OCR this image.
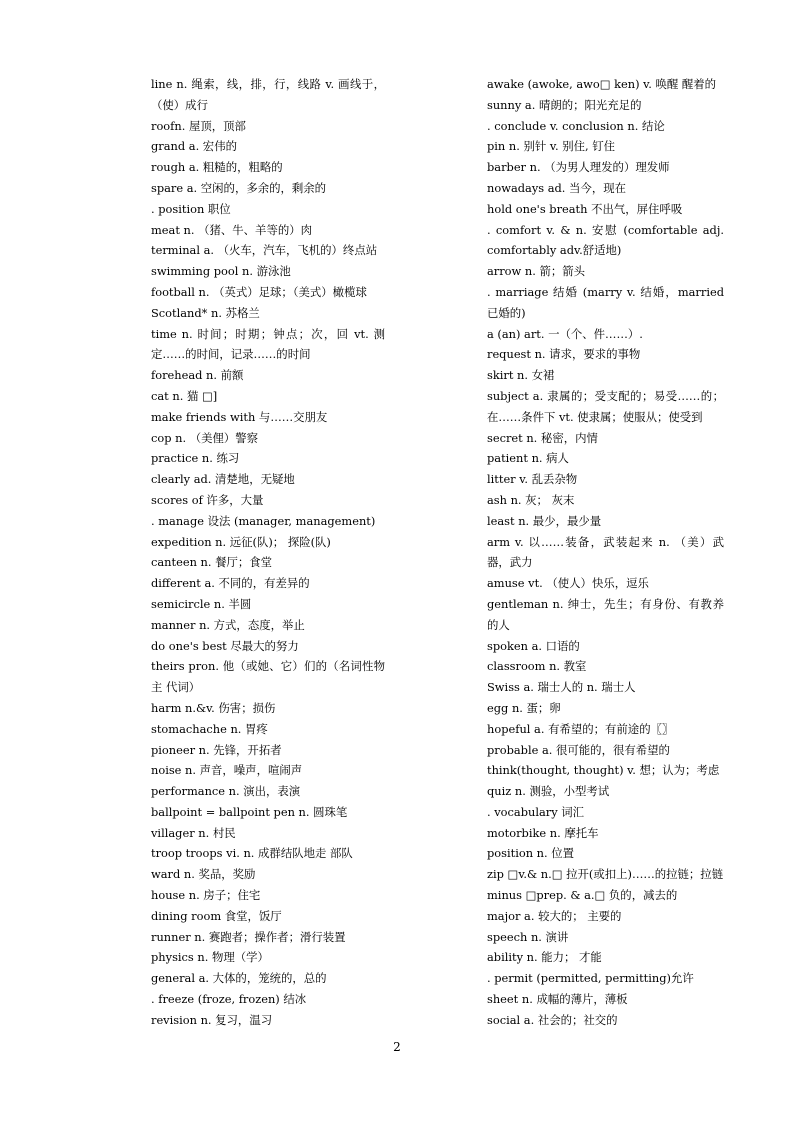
line n. 绳索，线，排，行，线路 v. 画线于，（使）成行

roofn. 屋顶，顶部

grand a. 宏伟的

rough a. 粗糙的，粗略的

spare a. 空闲的，多余的，剩余的

. position 职位

meat n. （猪、牛、羊等的）肉

terminal a. （火车，汽车，飞机的）终点站

swimming pool n. 游泳池

football n. （英式）足球；（美式）橄榄球

Scotland* n. 苏格兰

time n. 时间；时期；钟点；次，回 vt. 测定……的时间，记录……的时间

forehead n. 前额

cat n. 猫 □]

make friends with 与……交朋友

cop n. （美俚）警察

practice n. 练习

clearly ad. 清楚地，无疑地

scores of 许多，大量

. manage 设法 (manager, management)

expedition n. 远征(队)； 探险(队)

canteen n. 餐厅；食堂

different a. 不同的，有差异的

semicircle n. 半圆

manner n. 方式，态度，举止

do one's best 尽最大的努力

theirs pron. 他（或她、它）们的（名词性物 主 代词）

harm n.&v. 伤害；损伤

stomachache n. 胃疼

pioneer n. 先锋，开拓者

noise n. 声音，噪声，喧闹声

performance n. 演出，表演

ballpoint = ballpoint pen n. 圆珠笔

villager n. 村民

troop troops vi. n. 成群结队地走 部队

ward n. 奖品，奖励

house n. 房子；住宅

dining room 食堂，饭厅

runner n. 赛跑者；操作者；滑行装置

physics n. 物理（学）

general a. 大体的，笼统的，总的

. freeze (froze, frozen) 结冰

revision n. 复习，温习

awake (awoke, awo□ ken) v. 唤醒 醒着的

sunny a. 晴朗的；阳光充足的

. conclude v. conclusion n. 结论

pin n. 别针 v. 别住, 钉住

barber n. （为男人理发的）理发师

nowadays ad. 当今，现在

hold one's breath 不出气，屏住呼吸

. comfort v. & n. 安慰 (comfortable adj. comfortably adv.舒适地)

arrow n. 箭；箭头

. marriage 结婚 (marry v. 结婚，married 已婚的)

a (an) art. 一（个、件……）.

request n. 请求，要求的事物

skirt n. 女裙

subject a. 隶属的；受支配的；易受……的；在……条件下 vt. 使隶属；使服从；使受到

secret n. 秘密，内情

patient n. 病人

litter v. 乱丢杂物

ash n. 灰； 灰末

least n. 最少，最少量

arm v. 以……装备，武装起来 n. （美）武器，武力

amuse vt. （使人）快乐，逗乐

gentleman n. 绅士，先生；有身份、有教养的人

spoken a. 口语的

classroom n. 教室

Swiss a. 瑞士人的 n. 瑞士人

egg n. 蛋；卵

hopeful a. 有希望的；有前途的〖〗

probable a. 很可能的，很有希望的

think(thought, thought) v. 想；认为；考虑

quiz n. 测验，小型考试

. vocabulary 词汇

motorbike n. 摩托车

position n. 位置

zip □v.& n.□ 拉开(或扣上)……的拉链；拉链

minus □prep. & a.□ 负的，减去的

major a. 较大的； 主要的

speech n. 演讲

ability n. 能力； 才能

. permit (permitted, permitting)允许

sheet n. 成幅的薄片，薄板

social a. 社会的；社交的

2
